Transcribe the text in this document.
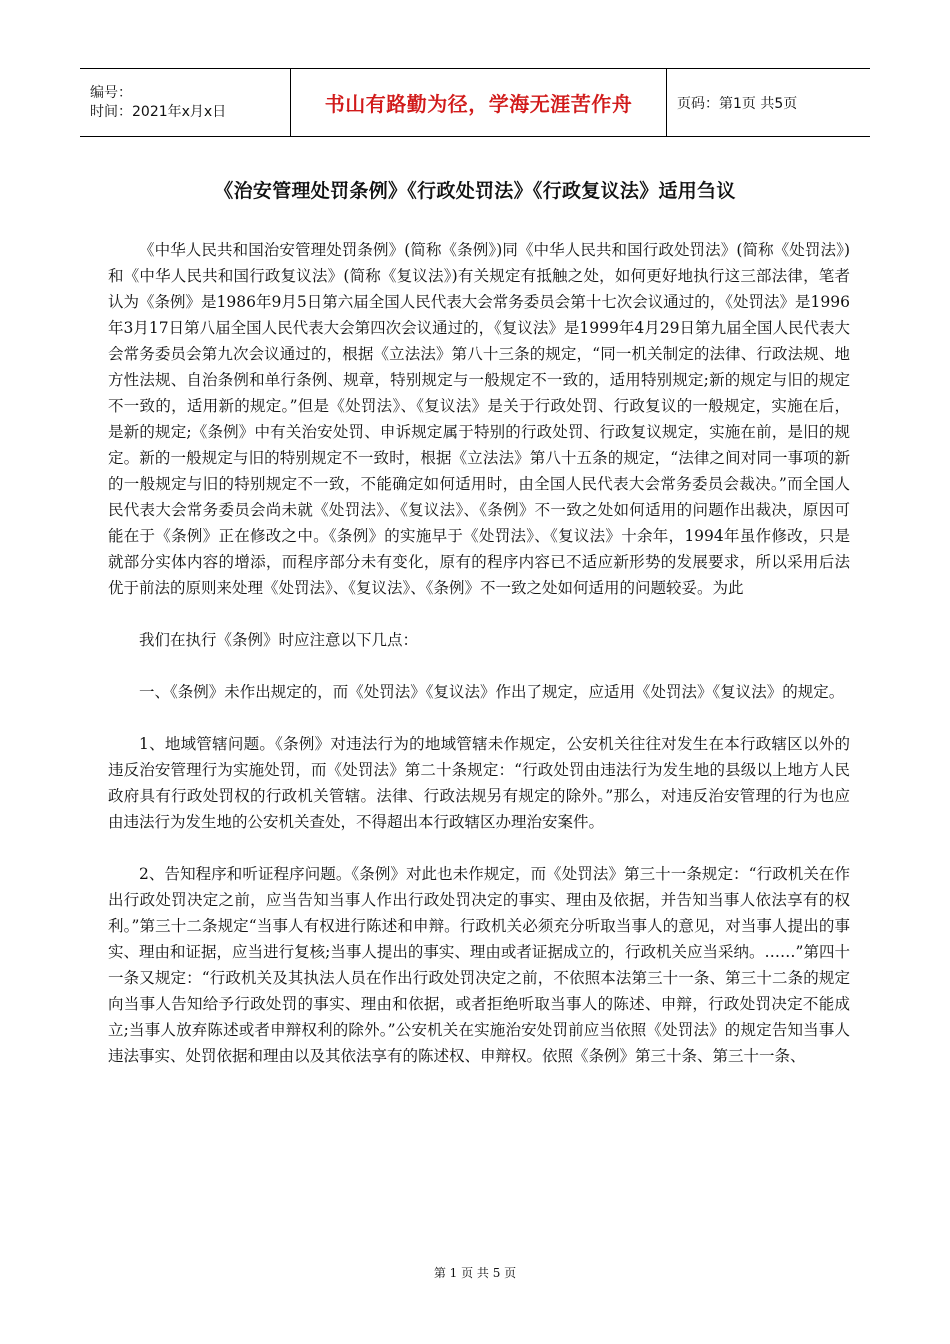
编号：
时间：2021年x月x日	书山有路勤为径，学海无涯苦作舟	页码：第1页 共5页
《治安管理处罚条例》《行政处罚法》《行政复议法》适用刍议

《中华人民共和国治安管理处罚条例》(简称《条例》)同《中华人民共和国行政处罚法》(简称《处罚法》)和《中华人民共和国行政复议法》(简称《复议法》)有关规定有抵触之处，如何更好地执行这三部法律，笔者认为《条例》是1986年9月5日第六届全国人民代表大会常务委员会第十七次会议通过的，《处罚法》是1996年3月17日第八届全国人民代表大会第四次会议通过的，《复议法》是1999年4月29日第九届全国人民代表大会常务委员会第九次会议通过的，根据《立法法》第八十三条的规定，“同一机关制定的法律、行政法规、地方性法规、自治条例和单行条例、规章，特别规定与一般规定不一致的，适用特别规定;新的规定与旧的规定不一致的，适用新的规定。”但是《处罚法》、《复议法》是关于行政处罚、行政复议的一般规定，实施在后，是新的规定;《条例》中有关治安处罚、申诉规定属于特别的行政处罚、行政复议规定，实施在前，是旧的规定。新的一般规定与旧的特别规定不一致时，根据《立法法》第八十五条的规定，“法律之间对同一事项的新的一般规定与旧的特别规定不一致，不能确定如何适用时，由全国人民代表大会常务委员会裁决。”而全国人民代表大会常务委员会尚未就《处罚法》、《复议法》、《条例》不一致之处如何适用的问题作出裁决，原因可能在于《条例》正在修改之中。《条例》的实施早于《处罚法》、《复议法》十余年，1994年虽作修改，只是就部分实体内容的增添，而程序部分未有变化，原有的程序内容已不适应新形势的发展要求，所以采用后法优于前法的原则来处理《处罚法》、《复议法》、《条例》不一致之处如何适用的问题较妥。为此

我们在执行《条例》时应注意以下几点：

一、《条例》未作出规定的，而《处罚法》《复议法》作出了规定，应适用《处罚法》《复议法》的规定。

1、地域管辖问题。《条例》对违法行为的地域管辖未作规定，公安机关往往对发生在本行政辖区以外的违反治安管理行为实施处罚，而《处罚法》第二十条规定：“行政处罚由违法行为发生地的县级以上地方人民政府具有行政处罚权的行政机关管辖。法律、行政法规另有规定的除外。”那么，对违反治安管理的行为也应由违法行为发生地的公安机关查处，不得超出本行政辖区办理治安案件。

2、告知程序和听证程序问题。《条例》对此也未作规定，而《处罚法》第三十一条规定：“行政机关在作出行政处罚决定之前，应当告知当事人作出行政处罚决定的事实、理由及依据，并告知当事人依法享有的权利。”第三十二条规定“当事人有权进行陈述和申辩。行政机关必须充分听取当事人的意见，对当事人提出的事实、理由和证据，应当进行复核;当事人提出的事实、理由或者证据成立的，行政机关应当采纳。……”第四十一条又规定：“行政机关及其执法人员在作出行政处罚决定之前，不依照本法第三十一条、第三十二条的规定向当事人告知给予行政处罚的事实、理由和依据，或者拒绝听取当事人的陈述、申辩，行政处罚决定不能成立;当事人放弃陈述或者申辩权利的除外。”公安机关在实施治安处罚前应当依照《处罚法》的规定告知当事人违法事实、处罚依据和理由以及其依法享有的陈述权、申辩权。依照《条例》第三十条、第三十一条、

第 1 页 共 5 页
